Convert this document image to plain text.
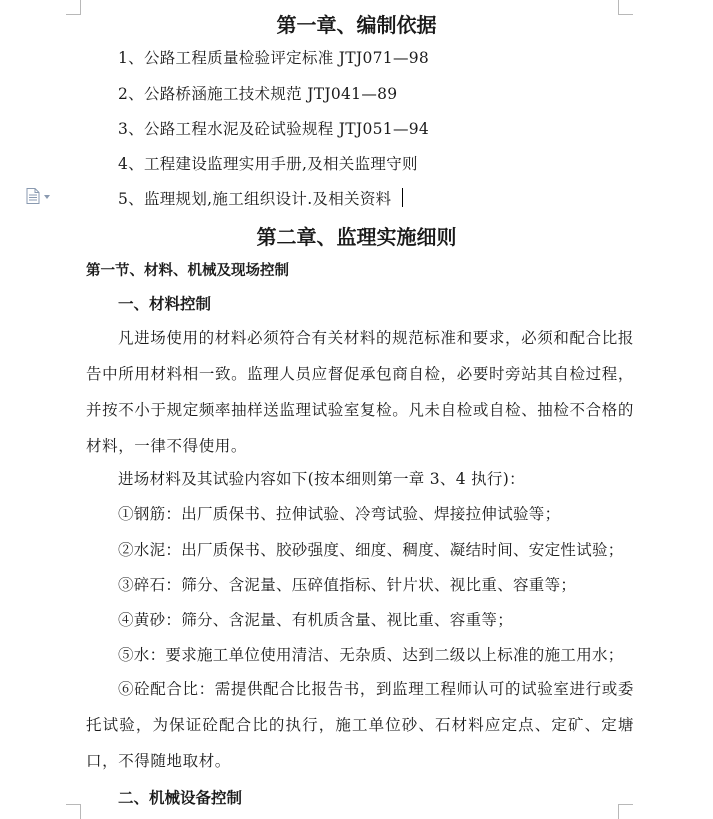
第一章、编制依据
1、公路工程质量检验评定标准 JTJ071—98
2、公路桥涵施工技术规范 JTJ041—89
3、公路工程水泥及砼试验规程 JTJ051—94
4、工程建设监理实用手册,及相关监理守则
5、监理规划,施工组织设计.及相关资料
第二章、监理实施细则
第一节、材料、机械及现场控制
一、材料控制
凡进场使用的材料必须符合有关材料的规范标准和要求，必须和配合比报告中所用材料相一致。监理人员应督促承包商自检，必要时旁站其自检过程，并按不小于规定频率抽样送监理试验室复检。凡未自检或自检、抽检不合格的材料，一律不得使用。
进场材料及其试验内容如下(按本细则第一章 3、4 执行)：
①钢筋：出厂质保书、拉伸试验、冷弯试验、焊接拉伸试验等；
②水泥：出厂质保书、胶砂强度、细度、稠度、凝结时间、安定性试验；
③碎石：筛分、含泥量、压碎值指标、针片状、视比重、容重等；
④黄砂：筛分、含泥量、有机质含量、视比重、容重等；
⑤水：要求施工单位使用清洁、无杂质、达到二级以上标准的施工用水；
⑥砼配合比：需提供配合比报告书，到监理工程师认可的试验室进行或委托试验，为保证砼配合比的执行，施工单位砂、石材料应定点、定矿、定塘口，不得随地取材。
二、机械设备控制
